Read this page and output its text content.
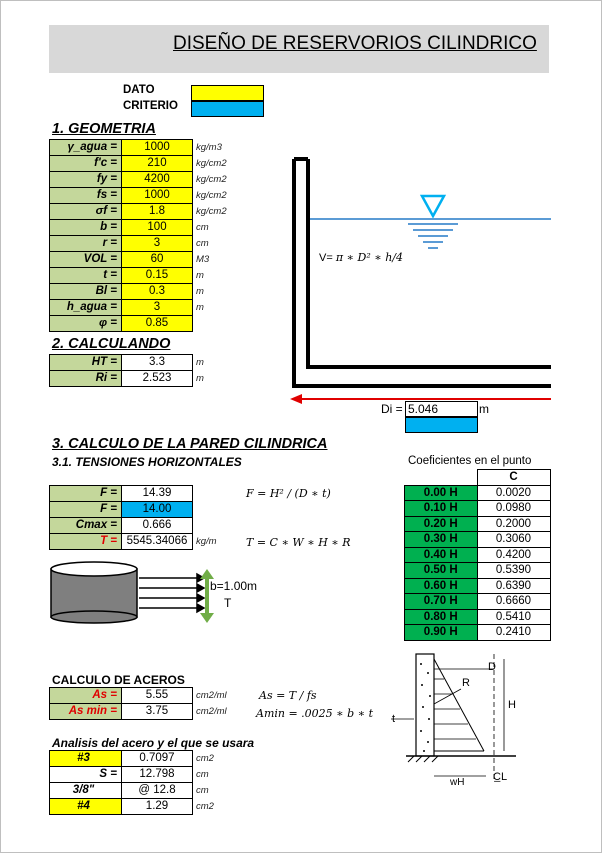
DISEÑO DE RESERVORIOS CILINDRICO
DATO
CRITERIO
1. GEOMETRIA
γ_agua =	1000	kg/m3
f'c =	210	kg/cm2
fy =	4200	kg/cm2
fs =	1000	kg/cm2
σf =	1.8	kg/cm2
b =	100	cm
r =	3	cm
VOL =	60	M3
t =	0.15	m
Bl =	0.3	m
h_agua =	3	m
φ =	0.85	
2. CALCULANDO
HT =	3.3	m
Ri =	2.523	m
V= π ∗ D² ∗ h/4
Di = 5.046	m
3. CALCULO DE LA PARED CILINDRICA
3.1. TENSIONES HORIZONTALES
F =	14.39	
F =	14.00	
Cmax =	0.666	
T =	5545.34066	kg/m
F = H² / (D ∗ t)
T = C ∗ W ∗ H ∗ R
b=1.00m
T
Coeficientes en el punto
	C
0.00 H	0.0020
0.10 H	0.0980
0.20 H	0.2000
0.30 H	0.3060
0.40 H	0.4200
0.50 H	0.5390
0.60 H	0.6390
0.70 H	0.6660
0.80 H	0.5410
0.90 H	0.2410
D
R
H
t
wH	C̲L
CALCULO DE ACEROS
As =	5.55	cm2/ml
As min =	3.75	cm2/ml
As = T / fs
Amin = .0025 ∗ b ∗ t
Analisis del acero y el que se usara
#3	0.7097	cm2
S =	12.798	cm
3/8"	@ 12.8	cm
#4	1.29	cm2
